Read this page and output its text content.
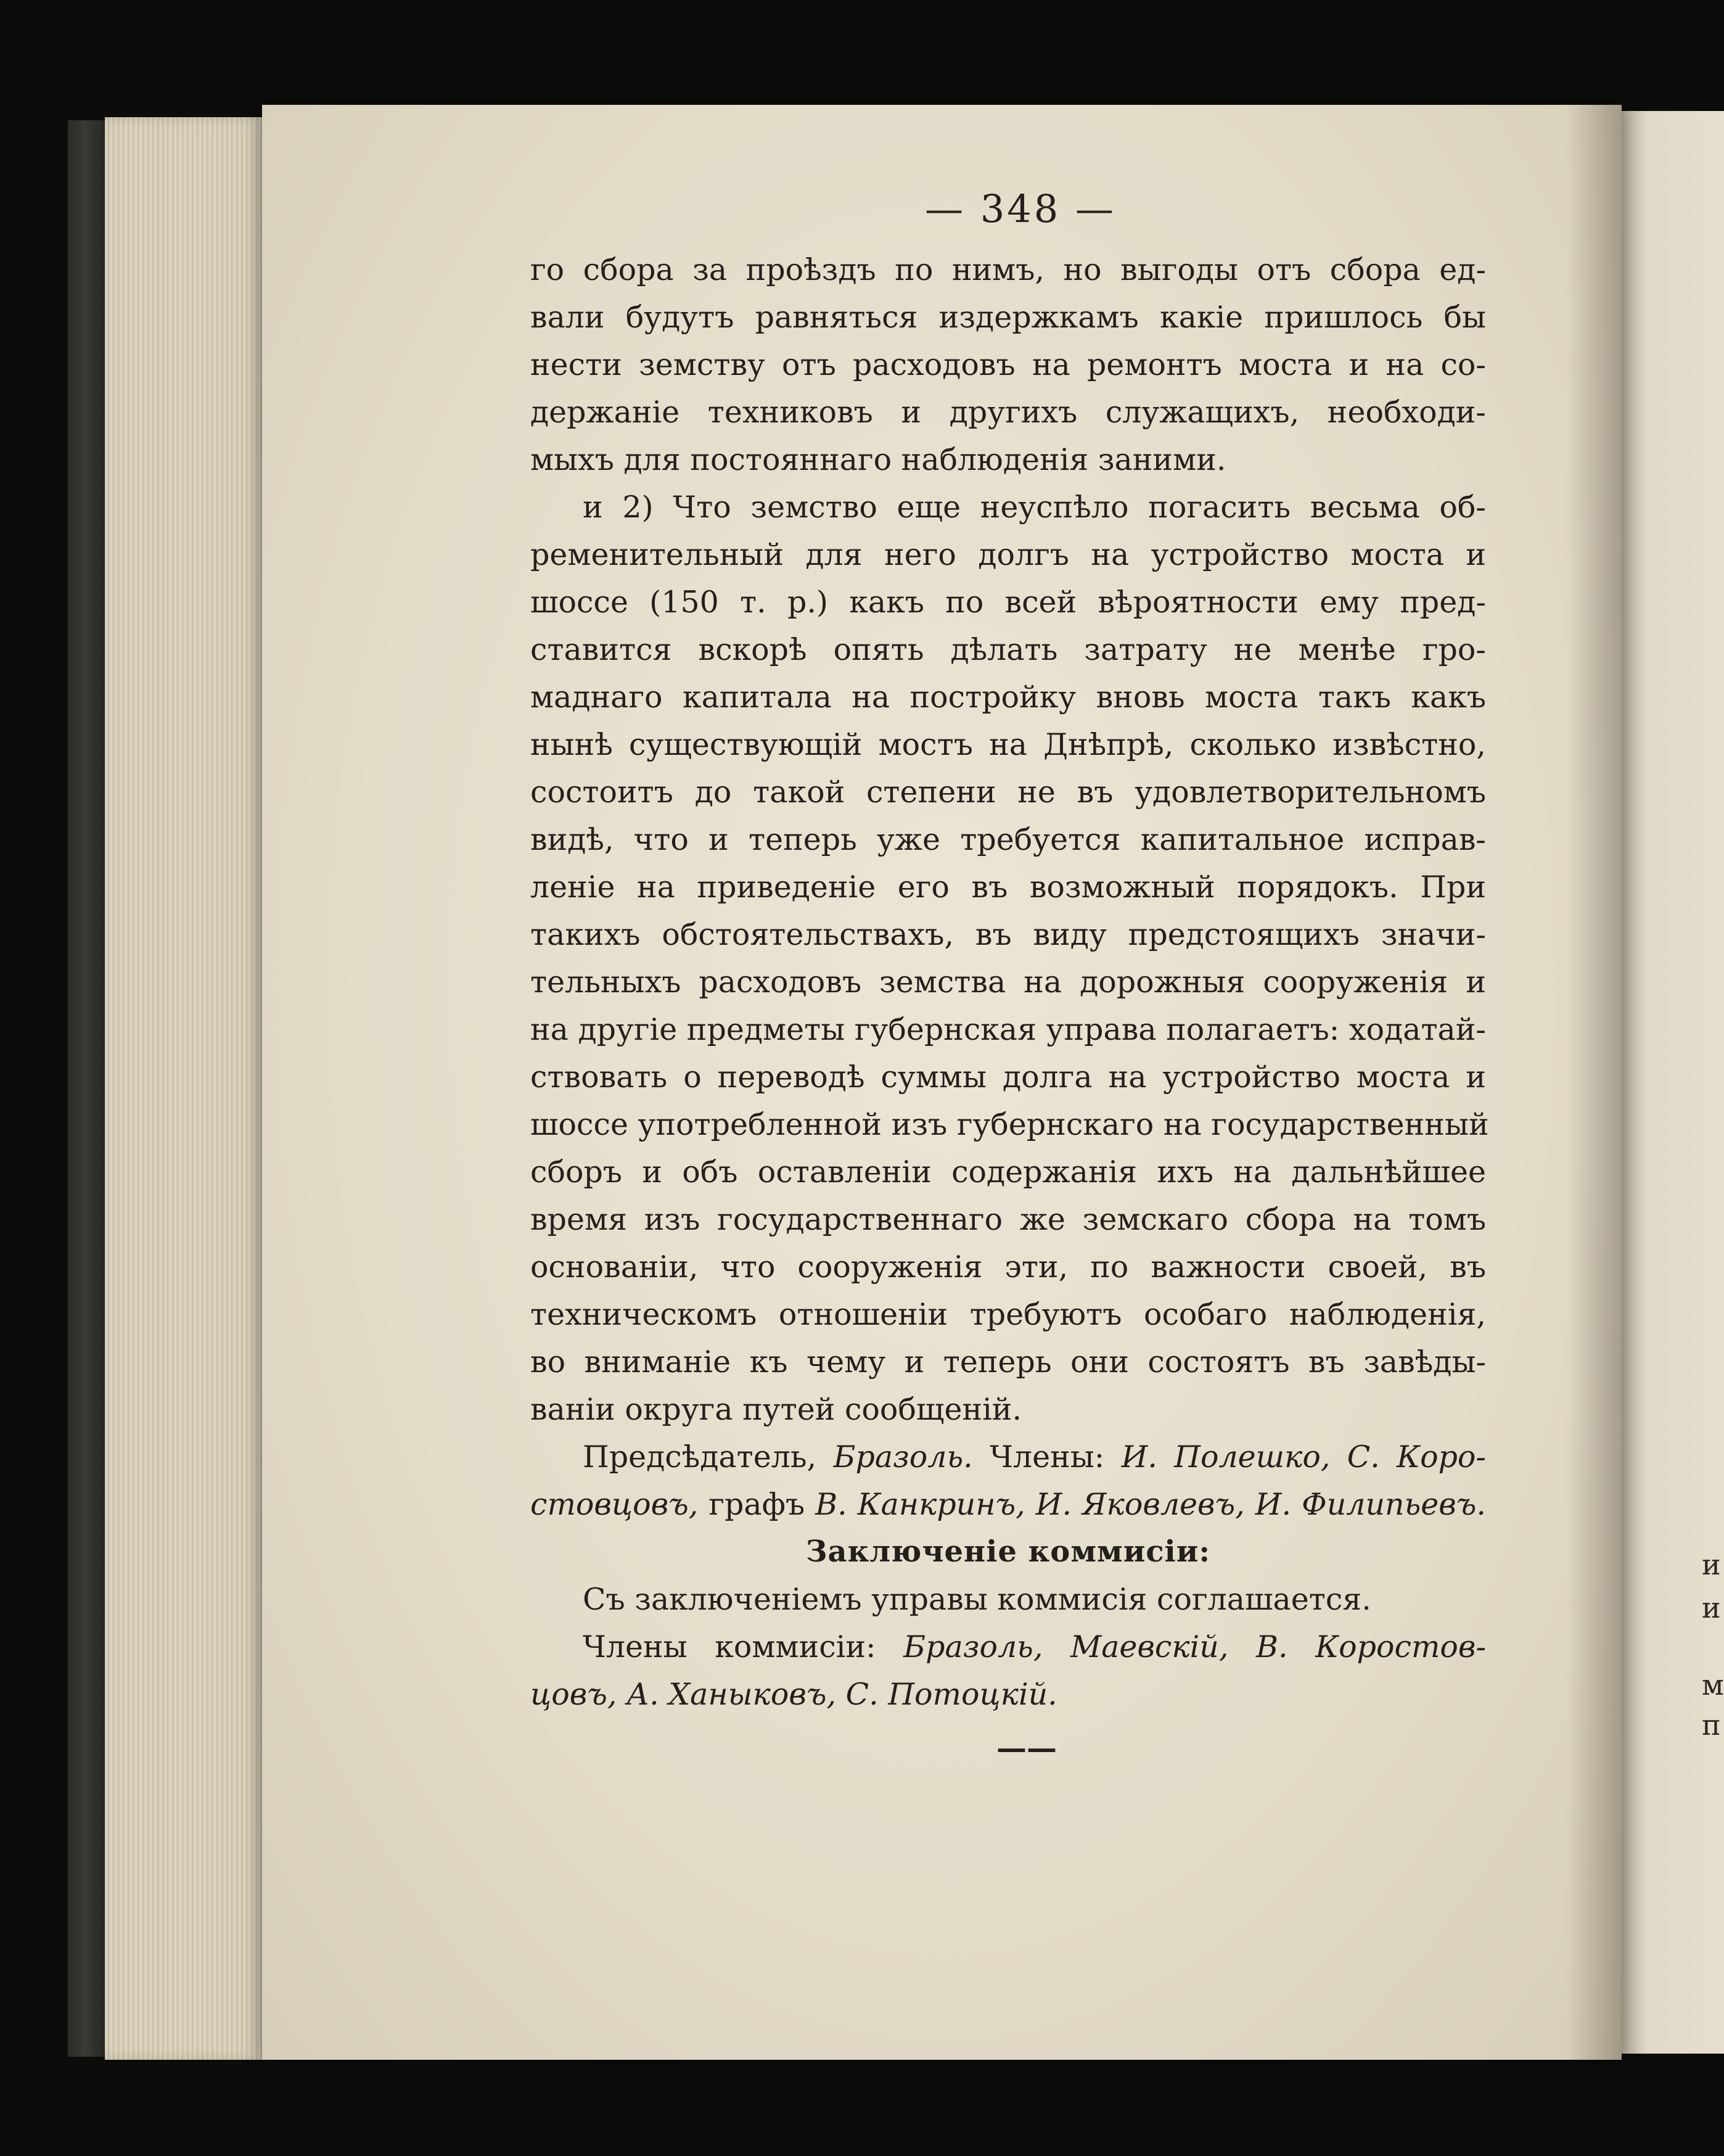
и
и
м
п
— 348 —
го сбора за проѣздъ по нимъ, но выгоды отъ сбора ед-
вали будутъ равняться издержкамъ какіе пришлось бы
нести земству отъ расходовъ на ремонтъ моста и на со-
держаніе техниковъ и другихъ служащихъ, необходи-
мыхъ для постояннаго наблюденія заними.
и 2) Что земство еще неуспѣло погасить весьма об-
ременительный для него долгъ на устройство моста и
шоссе (150 т. р.) какъ по всей вѣроятности ему пред-
ставится вскорѣ опять дѣлать затрату не менѣе гро-
маднаго капитала на постройку вновь моста такъ какъ
нынѣ существующій мостъ на Днѣпрѣ, сколько извѣстно,
состоитъ до такой степени не въ удовлетворительномъ
видѣ, что и теперь уже требуется капитальное исправ-
леніе на приведеніе его въ возможный порядокъ. При
такихъ обстоятельствахъ, въ виду предстоящихъ значи-
тельныхъ расходовъ земства на дорожныя сооруженія и
на другіе предметы губернская управа полагаетъ: ходатай-
ствовать о переводѣ суммы долга на устройство моста и
шоссе употребленной изъ губернскаго на государственный
сборъ и объ оставленіи содержанія ихъ на дальнѣйшее
время изъ государственнаго же земскаго сбора на томъ
основаніи, что сооруженія эти, по важности своей, въ
техническомъ отношеніи требуютъ особаго наблюденія,
во вниманіе къ чему и теперь они состоятъ въ завѣды-
ваніи округа путей сообщеній.
Предсѣдатель, Бразоль. Члены: И. Полешко, С. Коро-
стовцовъ, графъ В. Канкринъ, И. Яковлевъ, И. Филипьевъ.
Заключеніе коммисіи:
Съ заключеніемъ управы коммисія соглашается.
Члены коммисіи: Бразоль, Маевскій, В. Коростов-
цовъ, А. Ханыковъ, С. Потоцкій.
——
